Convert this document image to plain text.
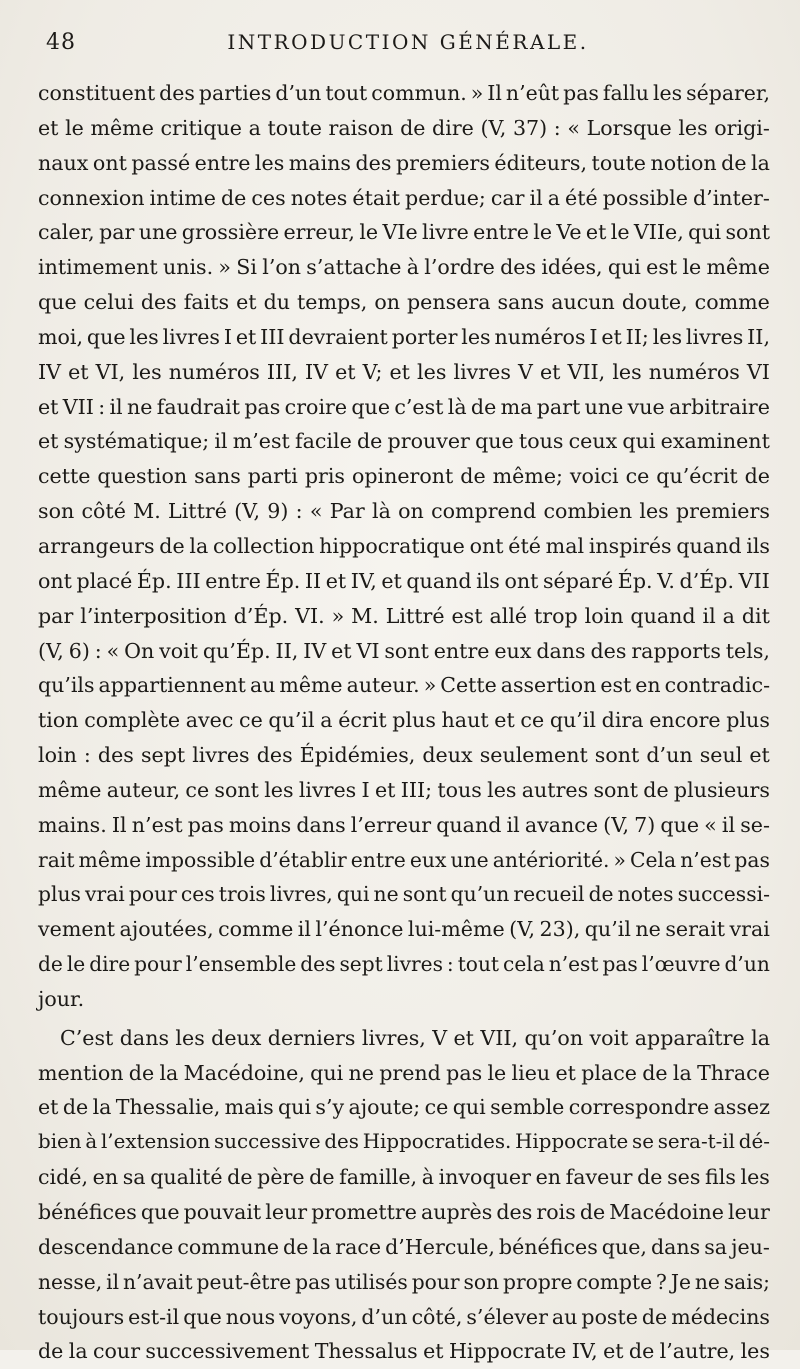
48	INTRODUCTION GÉNÉRALE.
constituent des parties d’un tout commun. » Il n’eût pas fallu les séparer,
et le même critique a toute raison de dire (V, 37) : « Lorsque les origi-
naux ont passé entre les mains des premiers éditeurs, toute notion de la
connexion intime de ces notes était perdue; car il a été possible d’inter-
caler, par une grossière erreur, le VIe livre entre le Ve et le VIIe, qui sont
intimement unis. » Si l’on s’attache à l’ordre des idées, qui est le même
que celui des faits et du temps, on pensera sans aucun doute, comme
moi, que les livres I et III devraient porter les numéros I et II; les livres II,
IV et VI, les numéros III, IV et V; et les livres V et VII, les numéros VI
et VII : il ne faudrait pas croire que c’est là de ma part une vue arbitraire
et systématique; il m’est facile de prouver que tous ceux qui examinent
cette question sans parti pris opineront de même; voici ce qu’écrit de
son côté M. Littré (V, 9) : « Par là on comprend combien les premiers
arrangeurs de la collection hippocratique ont été mal inspirés quand ils
ont placé Ép. III entre Ép. II et IV, et quand ils ont séparé Ép. V. d’Ép. VII
par l’interposition d’Ép. VI. » M. Littré est allé trop loin quand il a dit
(V, 6) : « On voit qu’Ép. II, IV et VI sont entre eux dans des rapports tels,
qu’ils appartiennent au même auteur. » Cette assertion est en contradic-
tion complète avec ce qu’il a écrit plus haut et ce qu’il dira encore plus
loin : des sept livres des Épidémies, deux seulement sont d’un seul et
même auteur, ce sont les livres I et III; tous les autres sont de plusieurs
mains. Il n’est pas moins dans l’erreur quand il avance (V, 7) que « il se-
rait même impossible d’établir entre eux une antériorité. » Cela n’est pas
plus vrai pour ces trois livres, qui ne sont qu’un recueil de notes successi-
vement ajoutées, comme il l’énonce lui-même (V, 23), qu’il ne serait vrai
de le dire pour l’ensemble des sept livres : tout cela n’est pas l’œuvre d’un
jour.
C’est dans les deux derniers livres, V et VII, qu’on voit apparaître la
mention de la Macédoine, qui ne prend pas le lieu et place de la Thrace
et de la Thessalie, mais qui s’y ajoute; ce qui semble correspondre assez
bien à l’extension successive des Hippocratides. Hippocrate se sera-t-il dé-
cidé, en sa qualité de père de famille, à invoquer en faveur de ses fils les
bénéfices que pouvait leur promettre auprès des rois de Macédoine leur
descendance commune de la race d’Hercule, bénéfices que, dans sa jeu-
nesse, il n’avait peut-être pas utilisés pour son propre compte ? Je ne sais;
toujours est-il que nous voyons, d’un côté, s’élever au poste de médecins
de la cour successivement Thessalus et Hippocrate IV, et de l’autre, les
